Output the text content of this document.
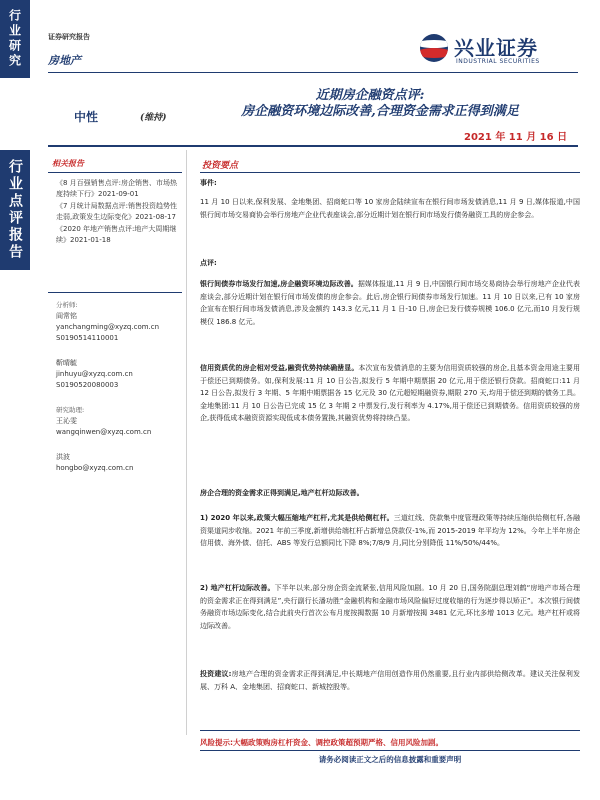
行业研究
行业点评报告
证券研究报告
房地产
兴业证券
INDUSTRIAL SECURITIES
近期房企融资点评:
房企融资环境边际改善,合理资金需求正得到满足
中性	(维持)
2021 年 11 月 16 日
相关报告
《8 月百强销售点评:房企销售、市场热度持续下行》2021-09-01
《7 月统计局数据点评:销售投资趋势性走弱,政策发生边际变化》2021-08-17
《2020 年地产销售点评:地产大周期继续》2021-01-18
分析师:
阎常铭
yanchangming@xyzq.com.cn
S0190514110001
靳晴毓
jinhuyu@xyzq.com.cn
S0190520080003
研究助理:
王沁雯
wangqinwen@xyzq.com.cn
洪波
hongbo@xyzq.com.cn
投资要点
事件:
11 月 10 日以来,保利发展、金地集团、招商蛇口等 10 家房企陆续宣布在银行间市场发债消息,11 月 9 日,媒体报道,中国银行间市场交易商协会举行房地产企业代表座谈会,部分近期计划在银行间市场发行债务融资工具的房企参会。
点评:
银行间债券市场发行加速,房企融资环境边际改善。据媒体报道,11 月 9 日,中国银行间市场交易商协会举行房地产企业代表座谈会,部分近期计划在银行间市场发债的房企参会。此后,房企银行间债券市场发行加速。11 月 10 日以来,已有 10 家房企宣布在银行间市场发债消息,涉及金额约 143.3 亿元,11 月 1 日-10 日,房企已发行债券规模 106.0 亿元,而10 月发行规模仅 186.8 亿元。
信用资质优的房企相对受益,融资优势持续确凿显。本次宣布发债消息的主要为信用资质较强的房企,且基本资金用途主要用于偿还已到期债务。如,保利发展:11 月 10 日公告,拟发行 5 年期中期票据 20 亿元,用于偿还银行贷款。招商蛇口:11 月 12 日公告,拟发行 3 年期、5 年期中期票据各 15 亿元及 30 亿元超短期融资券,期限 270 天,均用于偿还到期的债务工具。金地集团:11 月 10 日公告已完成 15 亿 3 年期 2 中票发行,发行利率为 4.17%,用于偿还已到期债务。信用资质较强的房企,获得低成本融资资源实现低成本债务置换,其融资优势将持续凸显。
房企合理的资金需求正得到满足,地产杠杆边际改善。
1) 2020 年以来,政策大幅压缩地产杠杆,尤其是供给侧杠杆。三道红线、贷款集中度管理政策等持续压缩供给侧杠杆,各融资渠道同步收缩。2021 年前三季度,新增供给端杠杆占新增总贷款仅-1%,而 2015-2019 年平均为 12%。今年上半年房企信用债、海外债、信托、ABS 等发行总额同比下降 8%;7/8/9 月,同比分别降低 11%/50%/44%。
2) 地产杠杆边际改善。下半年以来,部分房企资金流紧张,信用风险加剧。10 月 20 日,国务院副总理刘鹤“房地产市场合理的资金需求正在得到满足”,央行副行长潘功胜“金融机构和金融市场风险偏好过度收缩的行为逐步得以矫正”。本次银行间债务融资市场边际变化,结合此前央行首次公布月度按揭数据 10 月新增按揭 3481 亿元,环比多增 1013 亿元。地产杠杆或将边际改善。
投资建议:房地产合理的资金需求正得到满足,中长期地产信用创造作用仍然重要,且行业内部供给侧改革。建议关注保利发展、万科 A、金地集团、招商蛇口、新城控股等。
风险提示:大幅政策购房杠杆资金、调控政策超预期严格、信用风险加剧。
请务必阅读正文之后的信息披露和重要声明
